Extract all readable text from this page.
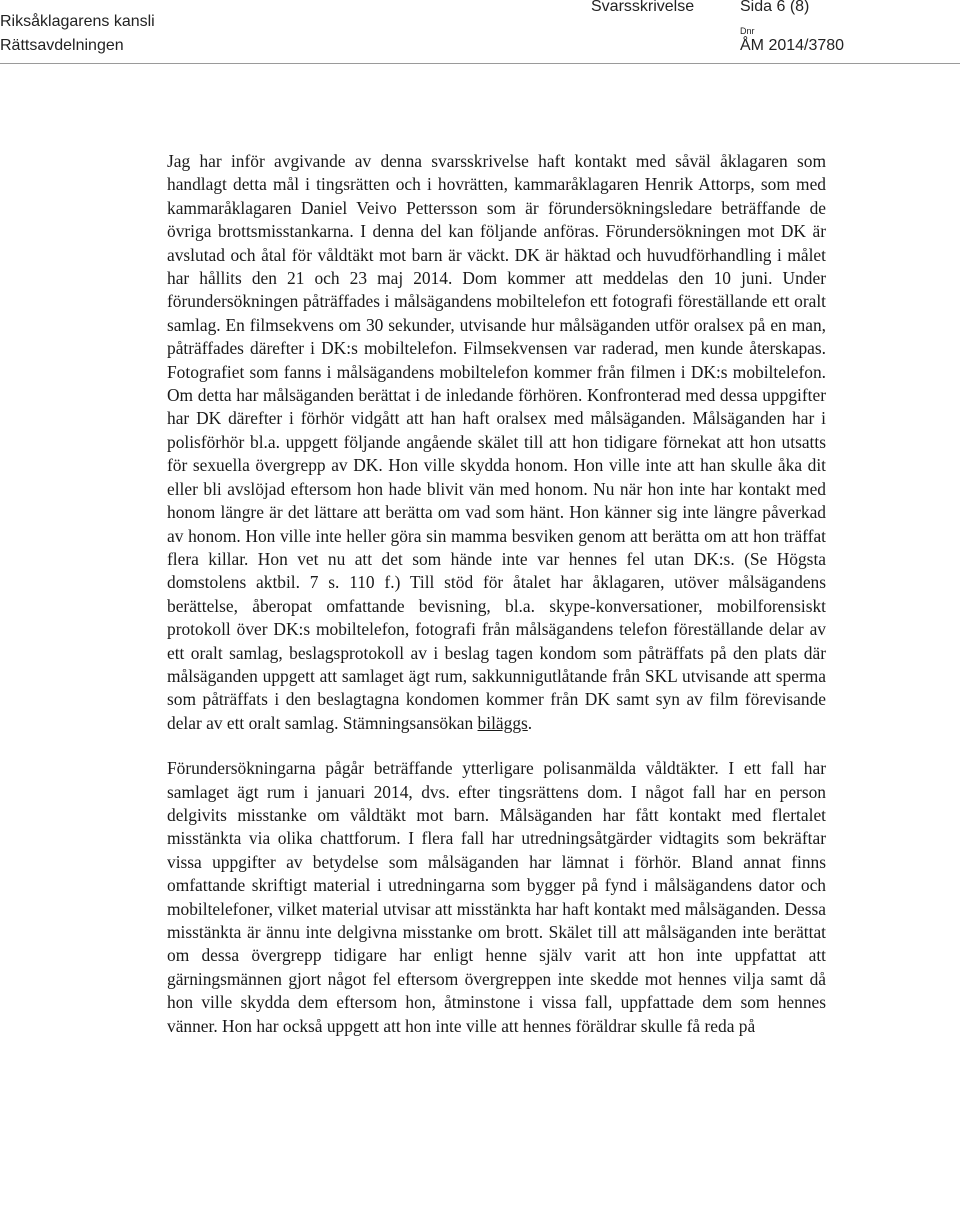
Riksåklagarens kansli
Rättsavdelningen
Svarsskrivelse	Sida 6 (8)
Dnr
ÅM 2014/3780

Jag har inför avgivande av denna svarsskrivelse haft kontakt med såväl åklagaren som handlagt detta mål i tingsrätten och i hovrätten, kammaråklagaren Henrik Attorps, som med kammaråklagaren Daniel Veivo Pettersson som är förundersökningsledare beträffande de övriga brottsmisstankarna. I denna del kan följande anföras. Förundersökningen mot DK är avslutad och åtal för våldtäkt mot barn är väckt. DK är häktad och huvudförhandling i målet har hållits den 21 och 23 maj 2014. Dom kommer att meddelas den 10 juni. Under förundersökningen påträffades i målsägandens mobiltelefon ett fotografi föreställande ett oralt samlag. En filmsekvens om 30 sekunder, utvisande hur målsäganden utför oralsex på en man, påträffades därefter i DK:s mobiltelefon. Filmsekvensen var raderad, men kunde återskapas. Fotografiet som fanns i målsägandens mobiltelefon kommer från filmen i DK:s mobiltelefon. Om detta har målsäganden berättat i de inledande förhören. Konfronterad med dessa uppgifter har DK därefter i förhör vidgått att han haft oralsex med målsäganden. Målsäganden har i polisförhör bl.a. uppgett följande angående skälet till att hon tidigare förnekat att hon utsatts för sexuella övergrepp av DK. Hon ville skydda honom. Hon ville inte att han skulle åka dit eller bli avslöjad eftersom hon hade blivit vän med honom. Nu när hon inte har kontakt med honom längre är det lättare att berätta om vad som hänt. Hon känner sig inte längre påverkad av honom. Hon ville inte heller göra sin mamma besviken genom att berätta om att hon träffat flera killar. Hon vet nu att det som hände inte var hennes fel utan DK:s. (Se Högsta domstolens aktbil. 7 s. 110 f.) Till stöd för åtalet har åklagaren, utöver målsägandens berättelse, åberopat omfattande bevisning, bl.a. skype-konversationer, mobilforensiskt protokoll över DK:s mobiltelefon, fotografi från målsägandens telefon föreställande delar av ett oralt samlag, beslagsprotokoll av i beslag tagen kondom som påträffats på den plats där målsäganden uppgett att samlaget ägt rum, sakkunnigutlåtande från SKL utvisande att sperma som påträffats i den beslagtagna kondomen kommer från DK samt syn av film förevisande delar av ett oralt samlag. Stämningsansökan biläggs.

Förundersökningarna pågår beträffande ytterligare polisanmälda våldtäkter. I ett fall har samlaget ägt rum i januari 2014, dvs. efter tingsrättens dom. I något fall har en person delgivits misstanke om våldtäkt mot barn. Målsäganden har fått kontakt med flertalet misstänkta via olika chattforum. I flera fall har utredningsåtgärder vidtagits som bekräftar vissa uppgifter av betydelse som målsäganden har lämnat i förhör. Bland annat finns omfattande skriftigt material i utredningarna som bygger på fynd i målsägandens dator och mobiltelefoner, vilket material utvisar att misstänkta har haft kontakt med målsäganden. Dessa misstänkta är ännu inte delgivna misstanke om brott. Skälet till att målsäganden inte berättat om dessa övergrepp tidigare har enligt henne själv varit att hon inte uppfattat att gärningsmännen gjort något fel eftersom övergreppen inte skedde mot hennes vilja samt då hon ville skydda dem eftersom hon, åtminstone i vissa fall, uppfattade dem som hennes vänner. Hon har också uppgett att hon inte ville att hennes föräldrar skulle få reda på
